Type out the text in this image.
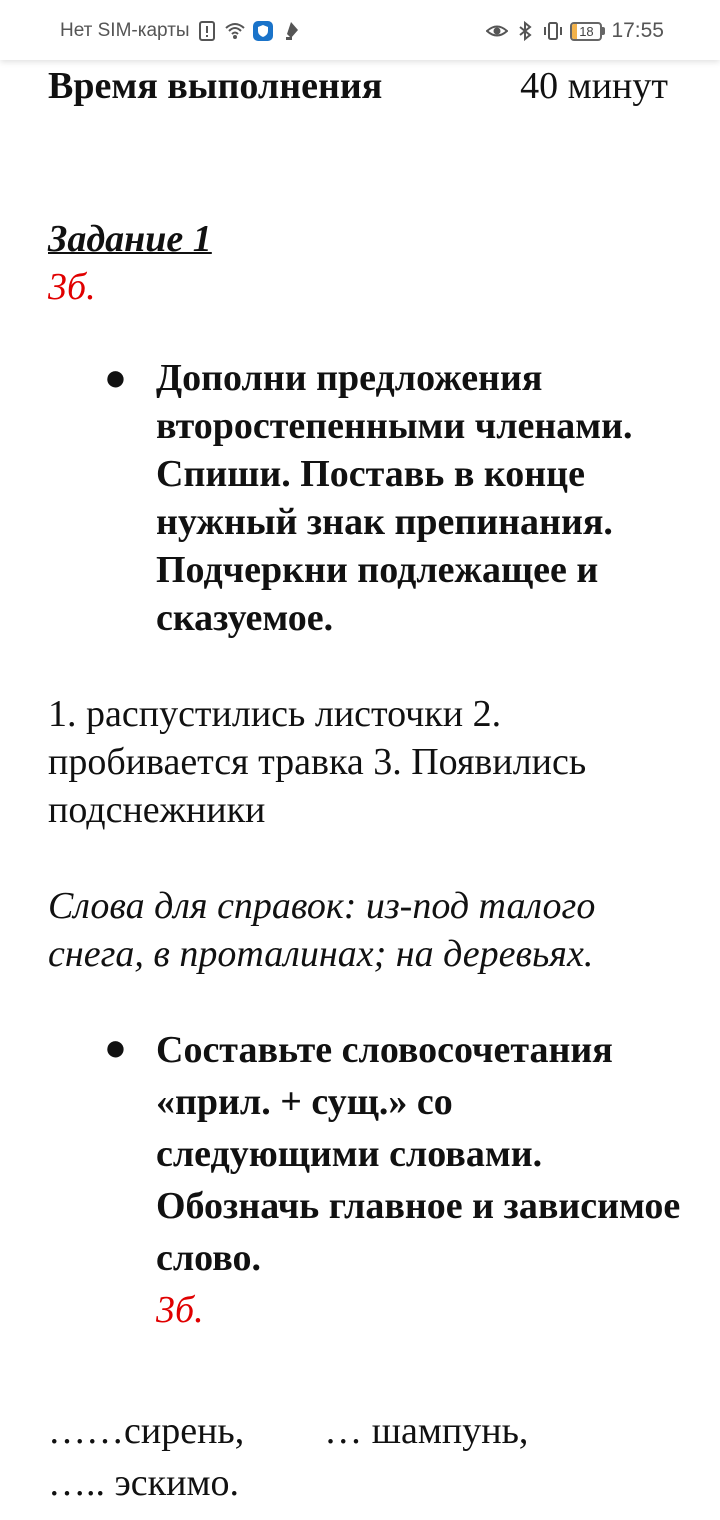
Нет SIM-карты	18 17:55
Время выполнения	40 минут
Задание 1
3б.
● Дополни предложения второстепенными членами. Спиши. Поставь в конце нужный знак препинания. Подчеркни подлежащее и сказуемое.
1. распустились листочки 2. пробивается травка 3. Появились подснежники
Слова для справок: из-под талого снега, в проталинах; на деревьях.
● Составьте словосочетания «прил. + сущ.» со следующими словами. Обозначь главное и зависимое слово.
3б.
……сирень, … шампунь,
….. эскимо.
